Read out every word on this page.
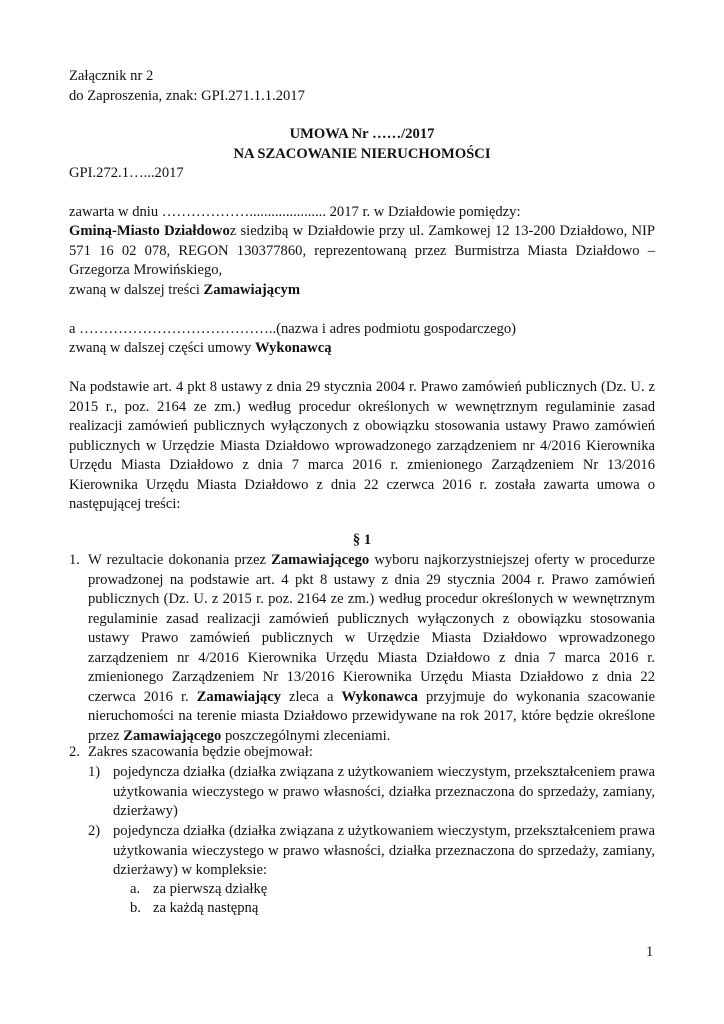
Załącznik nr 2

do Zaproszenia, znak: GPI.271.1.1.2017

UMOWA Nr ……/2017

NA SZACOWANIE NIERUCHOMOŚCI

GPI.272.1…...2017

zawarta w dniu ………………..................... 2017 r. w Działdowie pomiędzy:

Gminą-Miasto Działdowoz siedzibą w Działdowie przy ul. Zamkowej 12 13-200 Działdowo, NIP 571 16 02 078, REGON 130377860, reprezentowaną przez Burmistrza Miasta Działdowo – Grzegorza Mrowińskiego,

zwaną w dalszej treści Zamawiającym

a …………………………………..(nazwa i adres podmiotu gospodarczego)

zwaną w dalszej części umowy Wykonawcą

Na podstawie art. 4 pkt 8 ustawy z dnia 29 stycznia 2004 r. Prawo zamówień publicznych (Dz. U. z 2015 r., poz. 2164 ze zm.) według procedur określonych w wewnętrznym regulaminie zasad realizacji zamówień publicznych wyłączonych z obowiązku stosowania ustawy Prawo zamówień publicznych w Urzędzie Miasta Działdowo wprowadzonego zarządzeniem nr 4/2016 Kierownika Urzędu Miasta Działdowo z dnia 7 marca 2016 r. zmienionego Zarządzeniem Nr 13/2016 Kierownika Urzędu Miasta Działdowo z dnia 22 czerwca 2016 r. została zawarta umowa o następującej treści:

§ 1

1. W rezultacie dokonania przez Zamawiającego wyboru najkorzystniejszej oferty w procedurze prowadzonej na podstawie art. 4 pkt 8 ustawy z dnia 29 stycznia 2004 r. Prawo zamówień publicznych (Dz. U. z 2015 r. poz. 2164 ze zm.) według procedur określonych w wewnętrznym regulaminie zasad realizacji zamówień publicznych wyłączonych z obowiązku stosowania ustawy Prawo zamówień publicznych w Urzędzie Miasta Działdowo wprowadzonego zarządzeniem nr 4/2016 Kierownika Urzędu Miasta Działdowo z dnia 7 marca 2016 r. zmienionego Zarządzeniem Nr 13/2016 Kierownika Urzędu Miasta Działdowo z dnia 22 czerwca 2016 r. Zamawiający zleca a Wykonawca przyjmuje do wykonania szacowanie nieruchomości na terenie miasta Działdowo przewidywane na rok 2017, które będzie określone przez Zamawiającego poszczególnymi zleceniami.
2. Zakres szacowania będzie obejmował:
1) pojedyncza działka (działka związana z użytkowaniem wieczystym, przekształceniem prawa użytkowania wieczystego w prawo własności, działka przeznaczona do sprzedaży, zamiany, dzierżawy)
2) pojedyncza działka (działka związana z użytkowaniem wieczystym, przekształceniem prawa użytkowania wieczystego w prawo własności, działka przeznaczona do sprzedaży, zamiany, dzierżawy) w kompleksie:
a. za pierwszą działkę
b. za każdą następną
1
